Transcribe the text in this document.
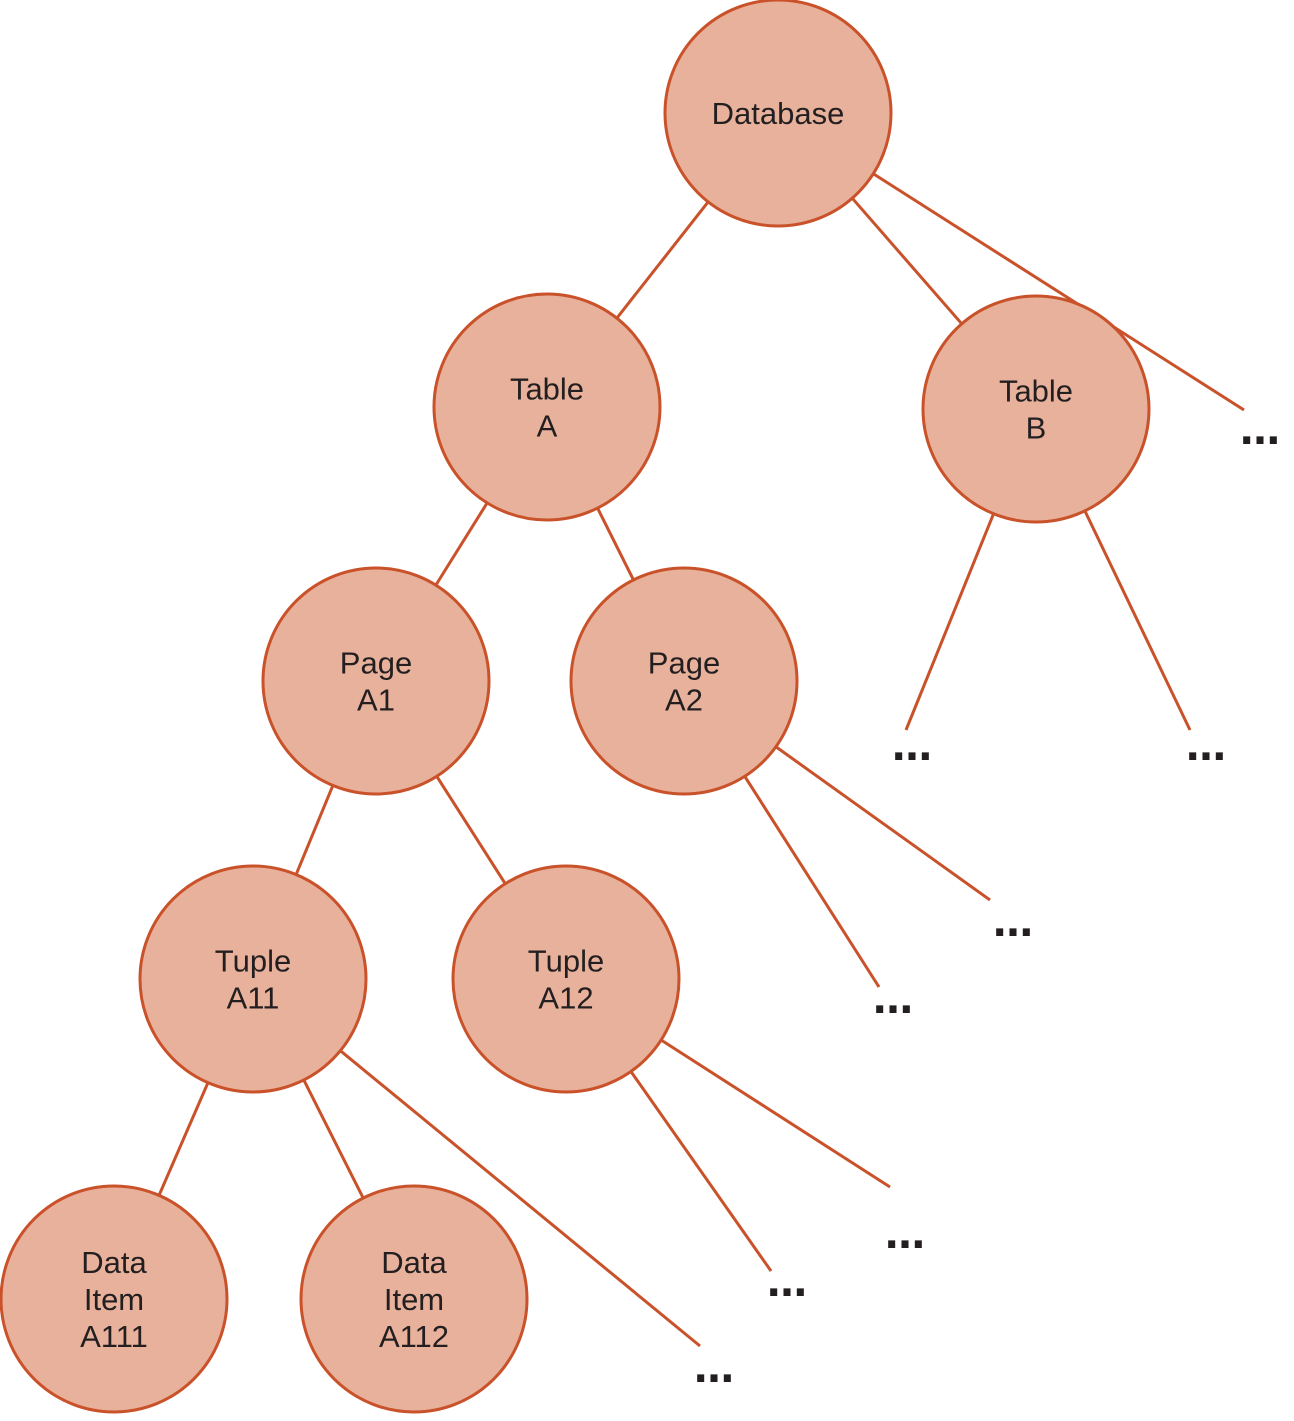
Database
Table
A
Table
B
Page
A1
Page
A2
Tuple
A11
Tuple
A12
Data
Item
A111
Data
Item
A112
…
…	…
…
…
…
…
…
